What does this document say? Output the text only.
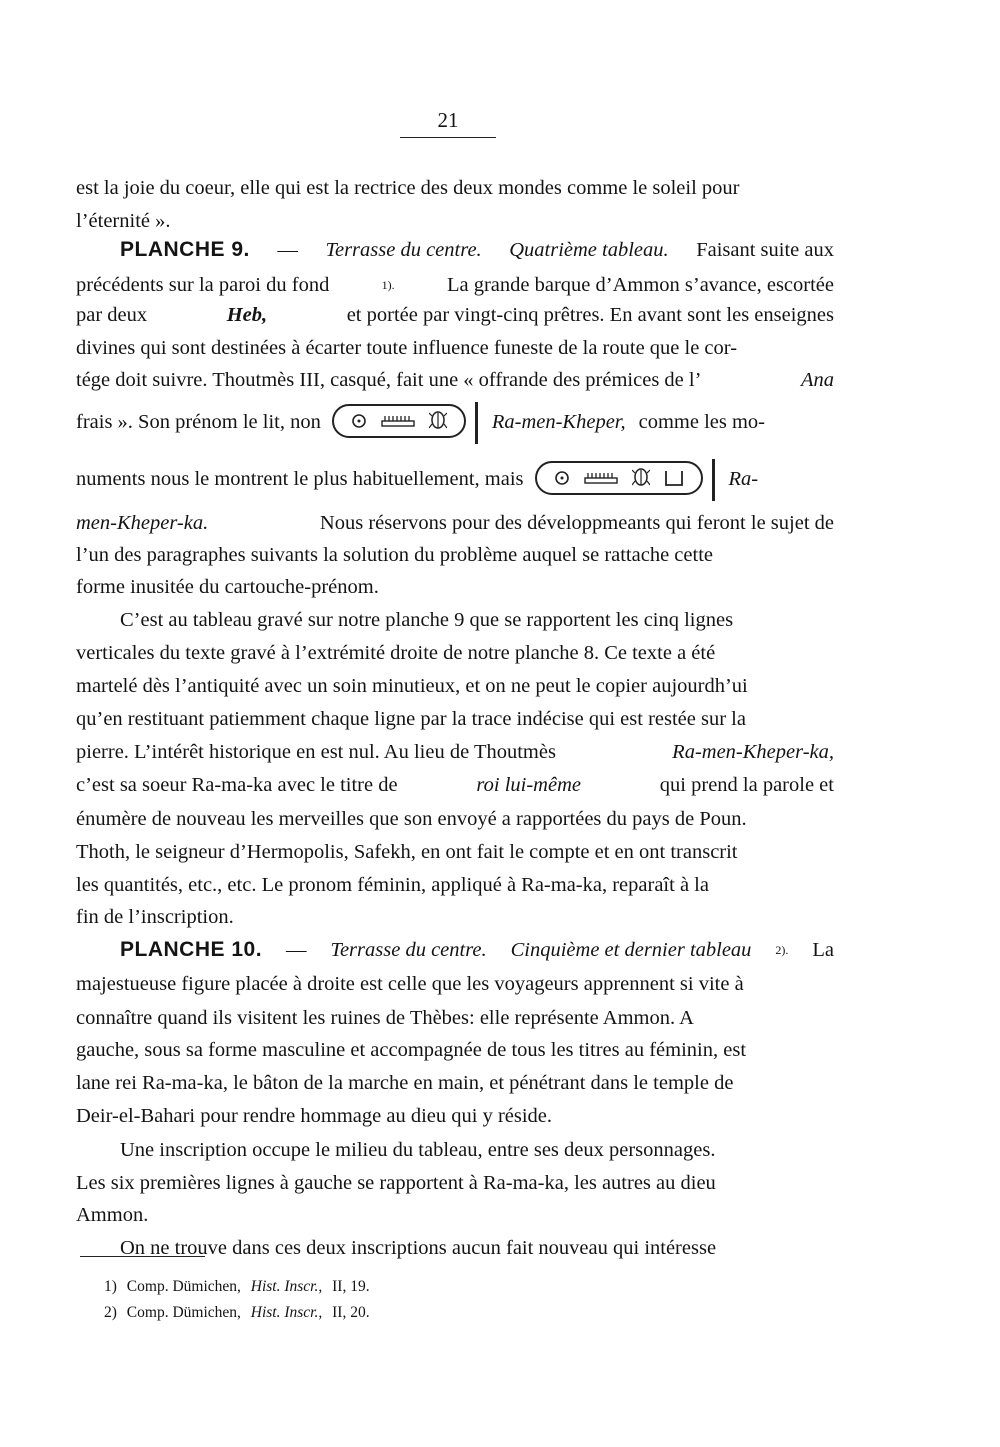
21
est la joie du coeur, elle qui est la rectrice des deux mondes comme le soleil pour
l’éternité ».
PLANCHE 9. — Terrasse du centre. Quatrième tableau. Faisant suite aux
précédents sur la paroi du fond	1).	La grande barque d’Ammon s’avance, escortée
par deux	Heb,	et portée par vingt-cinq prêtres. En avant sont les enseignes
divines qui sont destinées à écarter toute influence funeste de la route que le cor-
tége doit suivre. Thoutmès III, casqué, fait une « offrande des prémices de l’	Ana
frais ». Son prénom le lit, non	Ra-men-Kheper, comme les mo-
numents nous le montrent le plus habituellement, mais	Ra-
men-Kheper-ka.	Nous réservons pour des développmeants qui feront le sujet de
l’un des paragraphes suivants la solution du problème auquel se rattache cette
forme inusitée du cartouche-prénom.
C’est au tableau gravé sur notre planche 9 que se rapportent les cinq lignes
verticales du texte gravé à l’extrémité droite de notre planche 8. Ce texte a été
martelé dès l’antiquité avec un soin minutieux, et on ne peut le copier aujourdh’ui
qu’en restituant patiemment chaque ligne par la trace indécise qui est restée sur la
pierre. L’intérêt historique en est nul. Au lieu de Thoutmès	Ra-men-Kheper-ka,
c’est sa soeur Ra-ma-ka avec le titre de	roi lui-même	qui prend la parole et
énumère de nouveau les merveilles que son envoyé a rapportées du pays de Poun.
Thoth, le seigneur d’Hermopolis, Safekh, en ont fait le compte et en ont transcrit
les quantités, etc., etc. Le pronom féminin, appliqué à Ra-ma-ka, reparaît à la
fin de l’inscription.
PLANCHE 10. — Terrasse du centre. Cinquième et dernier tableau 2). La
majestueuse figure placée à droite est celle que les voyageurs apprennent si vite à
connaître quand ils visitent les ruines de Thèbes: elle représente Ammon. A
gauche, sous sa forme masculine et accompagnée de tous les titres au féminin, est
lane rei Ra-ma-ka, le bâton de la marche en main, et pénétrant dans le temple de
Deir-el-Bahari pour rendre hommage au dieu qui y réside.
Une inscription occupe le milieu du tableau, entre ses deux personnages.
Les six premières lignes à gauche se rapportent à Ra-ma-ka, les autres au dieu
Ammon.
On ne trouve dans ces deux inscriptions aucun fait nouveau qui intéresse
1) Comp. Dümichen, Hist. Inscr., II, 19.
2) Comp. Dümichen, Hist. Inscr., II, 20.
